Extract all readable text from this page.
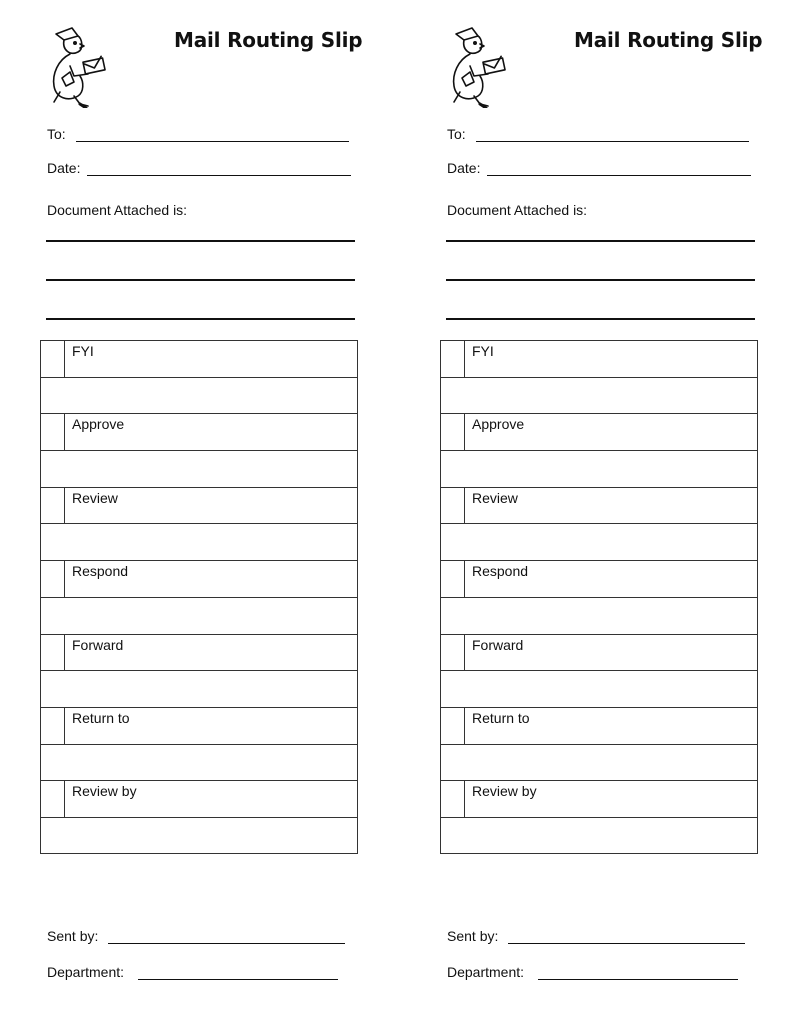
Mail Routing Slip
To:
Date:
Document Attached is:
FYI
Approve
Review
Respond
Forward
Return to
Review by
Sent by:
Department:
Mail Routing Slip
To:
Date:
Document Attached is:
FYI
Approve
Review
Respond
Forward
Return to
Review by
Sent by:
Department:
